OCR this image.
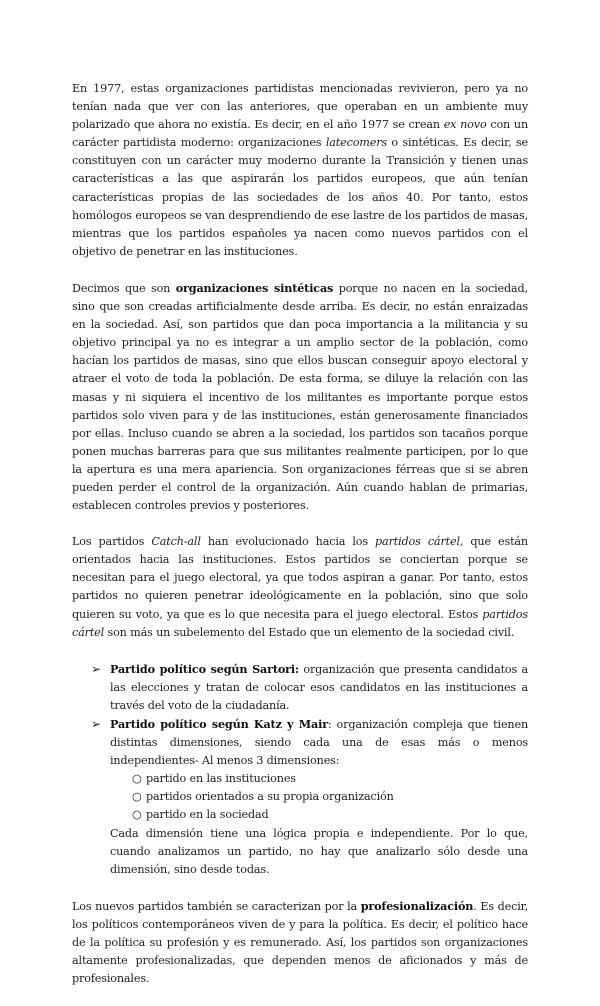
En 1977, estas organizaciones partidistas mencionadas revivieron, pero ya no tenían nada que ver con las anteriores, que operaban en un ambiente muy polarizado que ahora no existía. Es decir, en el año 1977 se crean ex novo con un carácter partidista moderno: organizaciones latecomers o sintéticas. Es decir, se constituyen con un carácter muy moderno durante la Transición y tienen unas características a las que aspirarán los partidos europeos, que aún tenían características propias de las sociedades de los años 40. Por tanto, estos homólogos europeos se van desprendiendo de ese lastre de los partidos de masas, mientras que los partidos españoles ya nacen como nuevos partidos con el objetivo de penetrar en las instituciones.

Decimos que son organizaciones sintéticas porque no nacen en la sociedad, sino que son creadas artificialmente desde arriba. Es decir, no están enraizadas en la sociedad. Así, son partidos que dan poca importancia a la militancia y su objetivo principal ya no es integrar a un amplio sector de la población, como hacían los partidos de masas, sino que ellos buscan conseguir apoyo electoral y atraer el voto de toda la población. De esta forma, se diluye la relación con las masas y ni siquiera el incentivo de los militantes es importante porque estos partidos solo viven para y de las instituciones, están generosamente financiados por ellas. Incluso cuando se abren a la sociedad, los partidos son tacaños porque ponen muchas barreras para que sus militantes realmente participen, por lo que la apertura es una mera apariencia. Son organizaciones férreas que si se abren pueden perder el control de la organización. Aún cuando hablan de primarias, establecen controles previos y posteriores.

Los partidos Catch-all han evolucionado hacia los partidos cártel, que están orientados hacia las instituciones. Estos partidos se conciertan porque se necesitan para el juego electoral, ya que todos aspiran a ganar. Por tanto, estos partidos no quieren penetrar ideológicamente en la población, sino que solo quieren su voto, ya que es lo que necesita para el juego electoral. Estos partidos cártel son más un subelemento del Estado que un elemento de la sociedad civil.

➢ Partido político según Sartori: organización que presenta candidatos a las elecciones y tratan de colocar esos candidatos en las instituciones a través del voto de la ciudadanía.
➢ Partido político según Katz y Mair: organización compleja que tienen distintas dimensiones, siendo cada una de esas más o menos independientes- Al menos 3 dimensiones:
○ partido en las instituciones
○ partidos orientados a su propia organización
○ partido en la sociedad
Cada dimensión tiene una lógica propia e independiente. Por lo que, cuando analizamos un partido, no hay que analizarlo sólo desde una dimensión, sino desde todas.

Los nuevos partidos también se caracterizan por la profesionalización. Es decir, los políticos contemporáneos viven de y para la política. Es decir, el político hace de la política su profesión y es remunerado. Así, los partidos son organizaciones altamente profesionalizadas, que dependen menos de aficionados y más de profesionales.
